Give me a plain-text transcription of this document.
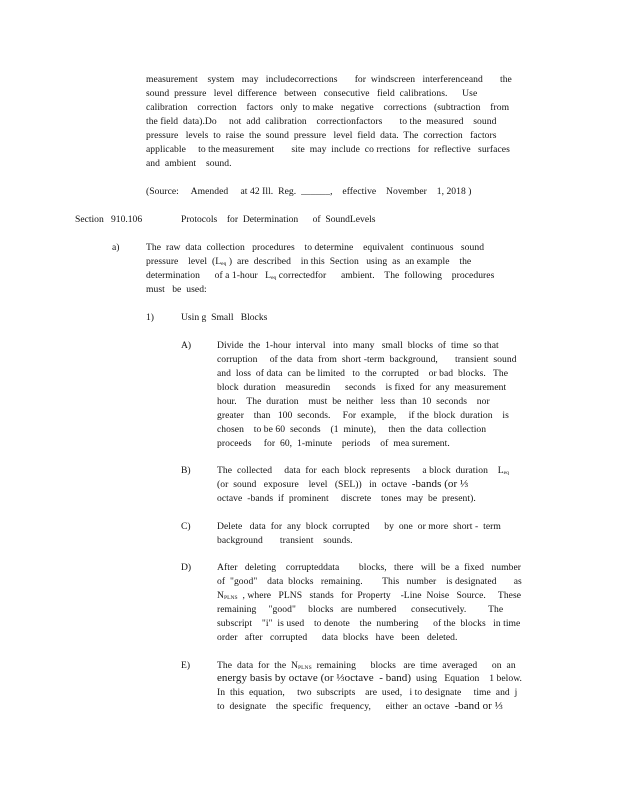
measurement    system   may   includecorrections       for  windscreen   interferenceand       the
sound  pressure   level  difference   between   consecutive   field  calibrations.      Use
calibration    correction    factors   only  to make   negative    corrections   (subtraction    from
the field  data).Do     not  add  calibration    correctionfactors       to the  measured    sound
pressure   levels  to  raise  the  sound  pressure   level  field  data.  The  correction   factors
applicable     to the measurement       site  may  include  co rrections   for  reflective   surfaces
and  ambient    sound.
(Source:     Amended     at 42 Ill.  Reg.  ______,    effective    November    1, 2018 )
Section   910.106	Protocols    for  Determination      of  SoundLevels
a)	The  raw  data  collection   procedures    to determine    equivalent   continuous   sound
pressure    level  ($L_{eq}$ )  are  described    in this  Section   using  as  an example    the
determination      of a 1-hour   $L_{eq}$ correctedfor      ambient.    The  following    procedures
must   be  used:
1)	Usin g  Small   Blocks
A)	Divide  the  1-hour  interval   into  many   small  blocks  of  time  so that
corruption     of the  data  from  short -term  background,       transient  sound
and  loss  of data  can  be limited   to  the  corrupted    or bad  blocks.   The
block  duration    measuredin      seconds    is fixed  for  any  measurement
hour.    The  duration    must  be  neither   less  than  10  seconds    nor
greater    than   100  seconds.     For  example,     if the  block  duration    is
chosen    to be 60  seconds    (1  minute),     then  the  data  collection
proceeds     for  60,  1-minute    periods    of  mea surement.
B)	The  collected     data  for  each  block  represents     a block  duration    $L_{eq}$
(or  sound   exposure    level   (SEL))   in  octave  -bands (or ⅓
octave  -bands  if  prominent     discrete    tones  may  be  present).
C)	Delete   data  for  any  block  corrupted      by  one  or more  short -  term
background       transient    sounds.
D)	After   deleting    corrupteddata        blocks,   there   will  be  a  fixed   number
of  "good"    data  blocks   remaining.        This   number    is designated       as
$N_{PLNS}$  , where   PLNS   stands   for  Property    -Line  Noise   Source.     These
remaining     "good"     blocks   are  numbered      consecutively.         The
subscript    "i"  is used    to denote    the  numbering      of the  blocks   in time
order   after   corrupted      data  blocks   have   been   deleted.
E)	The  data  for  the  $N_{PLNS}$  remaining      blocks   are  time  averaged      on  an
energy basis by octave (or ⅓octave  - band)  using   Equation    1 below.
In  this  equation,     two  subscripts    are  used,   i to designate     time  and  j
to  designate    the  specific   frequency,      either  an octave  -band or ⅓
